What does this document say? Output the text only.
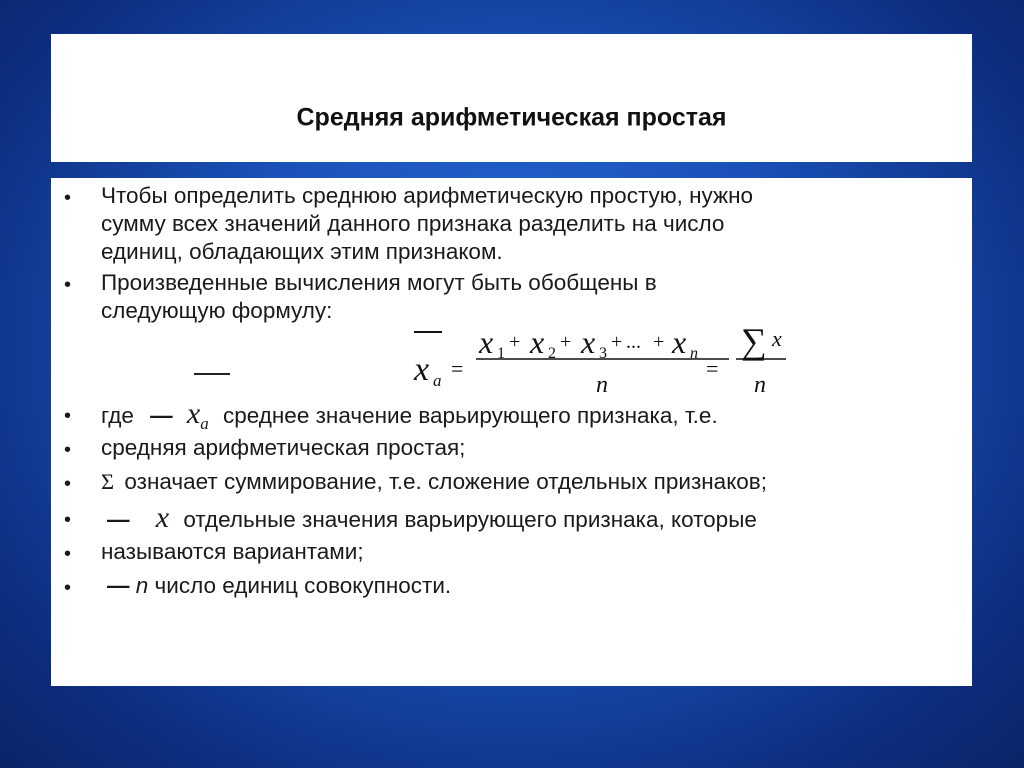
Средняя арифметическая простая
• Чтобы определить среднюю арифметическую простую, нужно
сумму всех значений данного признака разделить на число
единиц, обладающих этим признаком.
• Произведенные вычисления могут быть обобщены в
следующую формулу:
x a =
x 1
+ x 2
+ x 3
+ ... + x n
n
=
∑ x
n
• где — $x_a$ среднее значение варьирующего признака, т.е.
• средняя арифметическая простая;
• Σ означает суммирование, т.е. сложение отдельных признаков;
• — x отдельные значения варьирующего признака, которые
• называются вариантами;
• — n число единиц совокупности.
